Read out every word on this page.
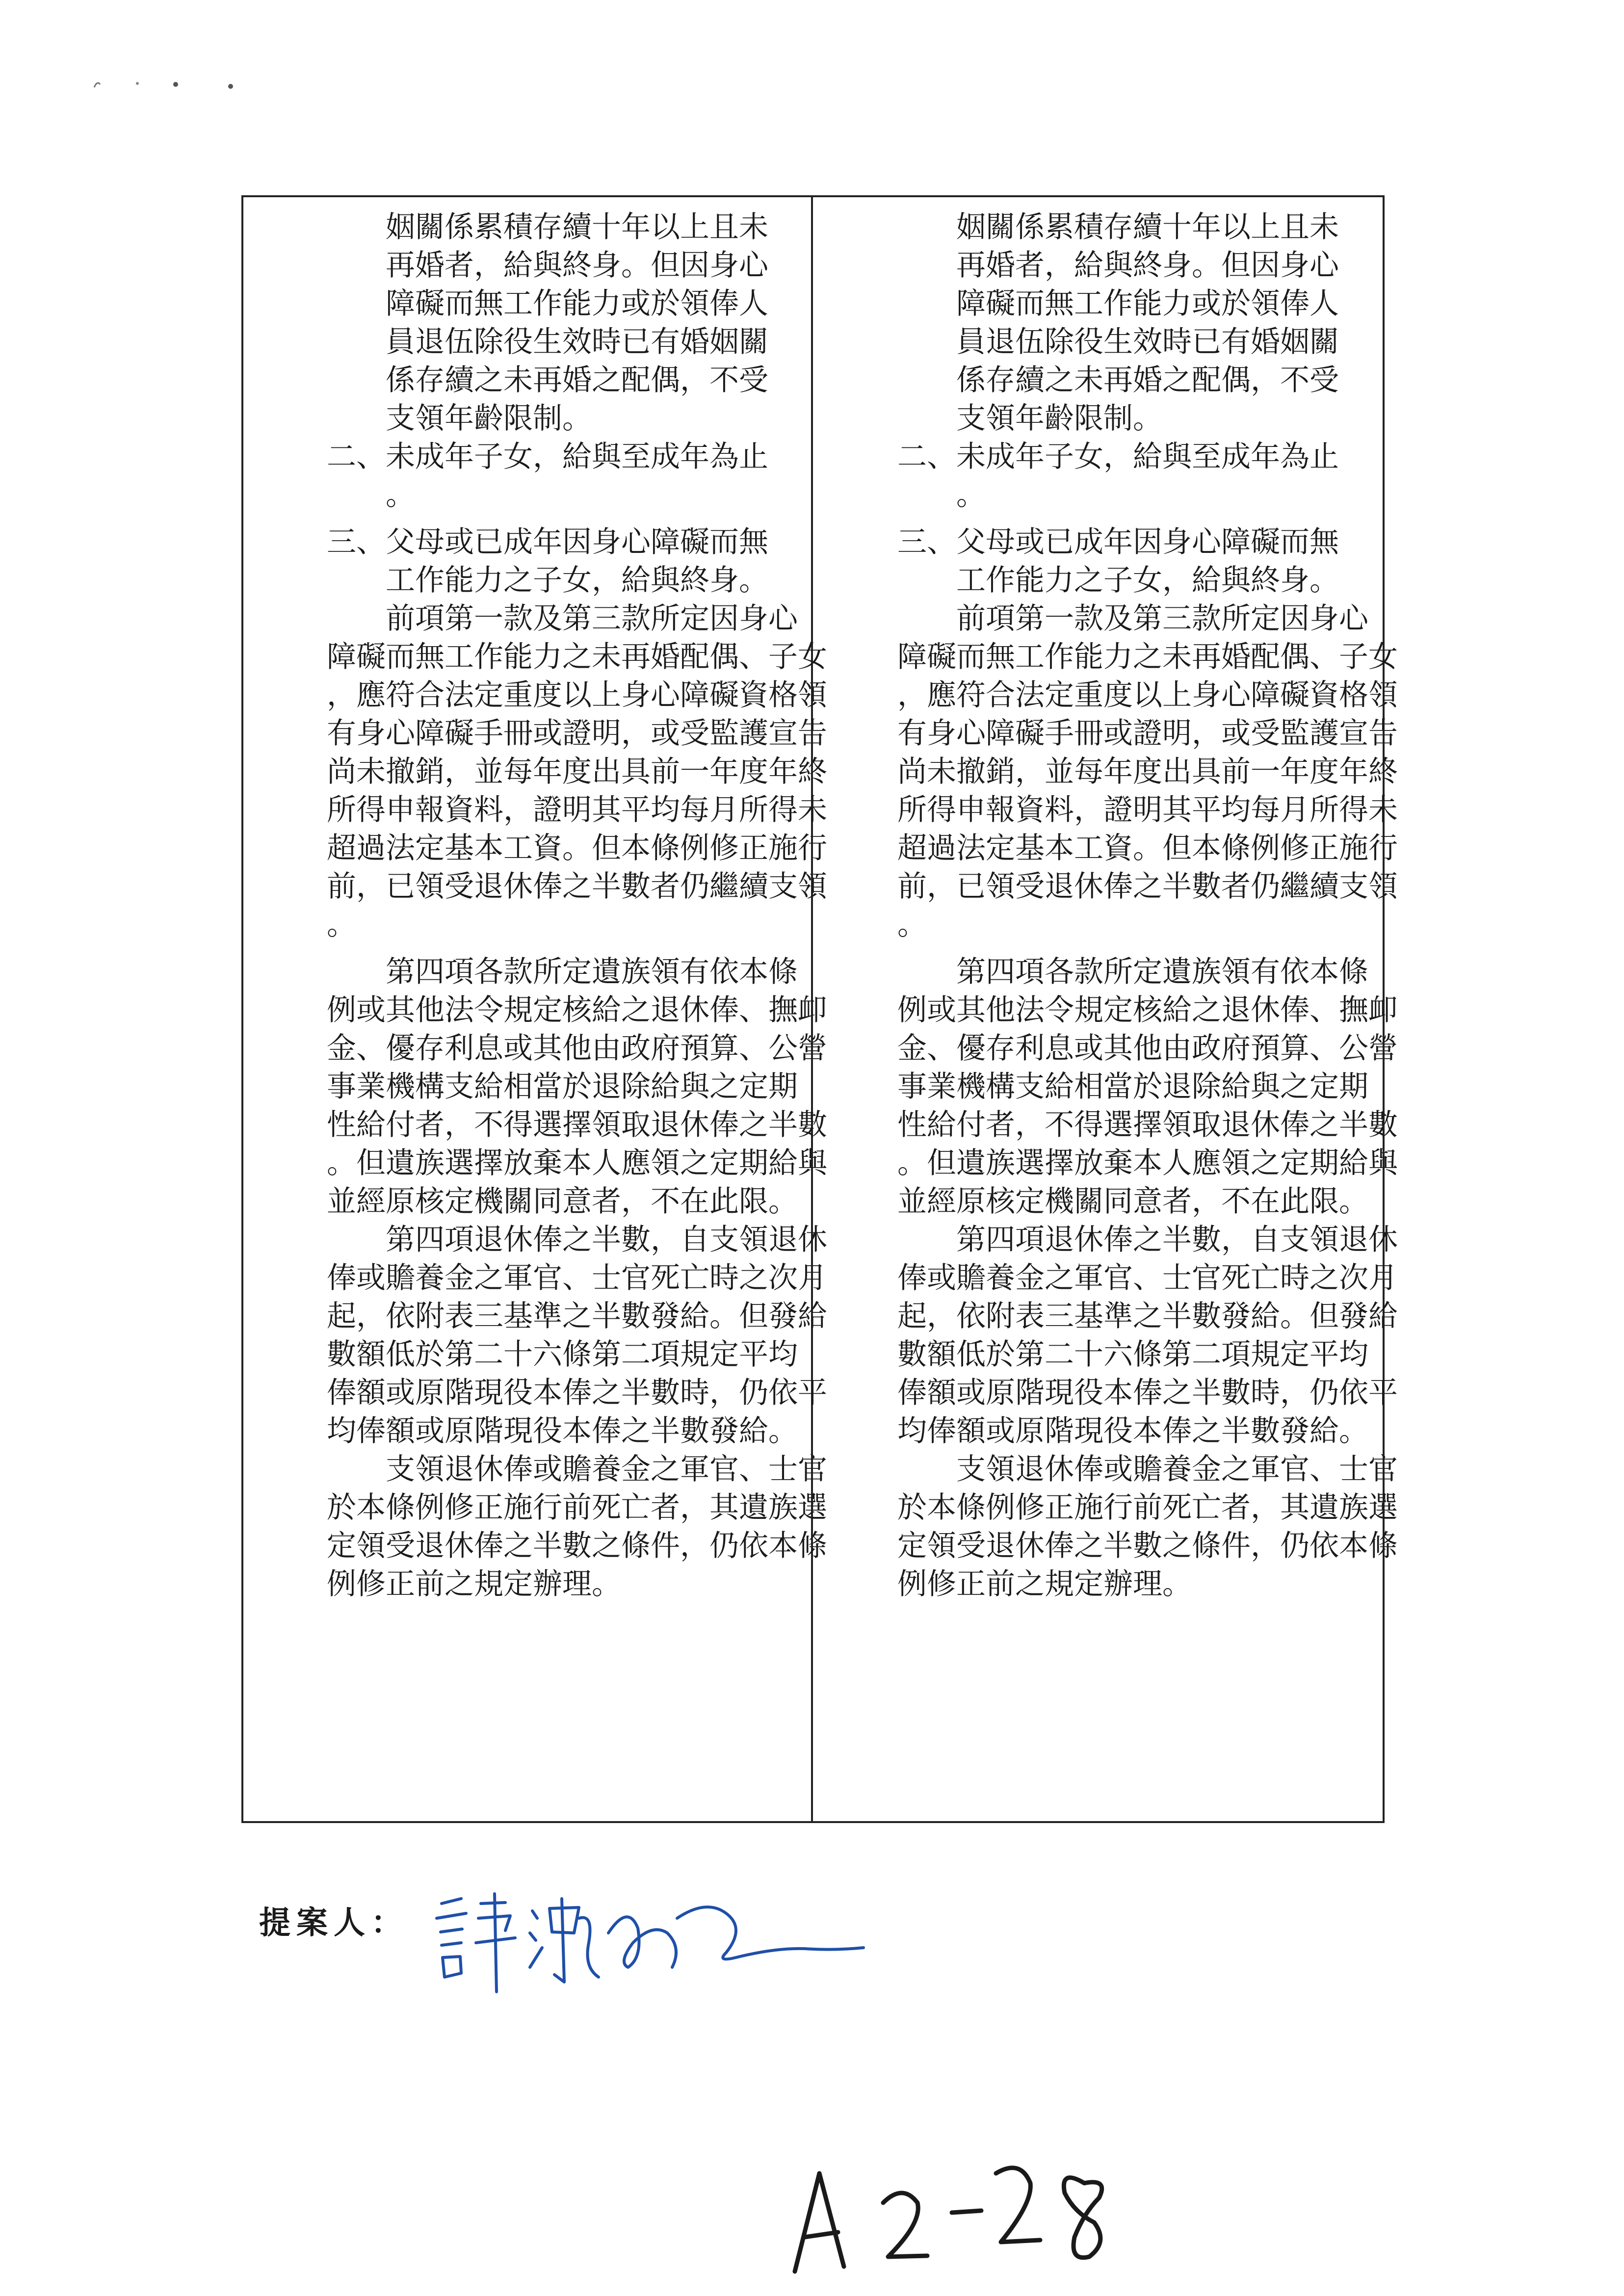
姻關係累積存續十年以上且未
再婚者，給與終身。但因身心
障礙而無工作能力或於領俸人
員退伍除役生效時已有婚姻關
係存續之未再婚之配偶，不受
支領年齡限制。
二、未成年子女，給與至成年為止
。
三、父母或已成年因身心障礙而無
工作能力之子女，給與終身。
前項第一款及第三款所定因身心
障礙而無工作能力之未再婚配偶、子女
，應符合法定重度以上身心障礙資格領
有身心障礙手冊或證明，或受監護宣告
尚未撤銷，並每年度出具前一年度年終
所得申報資料，證明其平均每月所得未
超過法定基本工資。但本條例修正施行
前，已領受退休俸之半數者仍繼續支領
。
第四項各款所定遺族領有依本條
例或其他法令規定核給之退休俸、撫卹
金、優存利息或其他由政府預算、公營
事業機構支給相當於退除給與之定期
性給付者，不得選擇領取退休俸之半數
。但遺族選擇放棄本人應領之定期給與
並經原核定機關同意者，不在此限。
第四項退休俸之半數，自支領退休
俸或贍養金之軍官、士官死亡時之次月
起，依附表三基準之半數發給。但發給
數額低於第二十六條第二項規定平均
俸額或原階現役本俸之半數時，仍依平
均俸額或原階現役本俸之半數發給。
支領退休俸或贍養金之軍官、士官
於本條例修正施行前死亡者，其遺族選
定領受退休俸之半數之條件，仍依本條
例修正前之規定辦理。
姻關係累積存續十年以上且未
再婚者，給與終身。但因身心
障礙而無工作能力或於領俸人
員退伍除役生效時已有婚姻關
係存續之未再婚之配偶，不受
支領年齡限制。
二、未成年子女，給與至成年為止
。
三、父母或已成年因身心障礙而無
工作能力之子女，給與終身。
前項第一款及第三款所定因身心
障礙而無工作能力之未再婚配偶、子女
，應符合法定重度以上身心障礙資格領
有身心障礙手冊或證明，或受監護宣告
尚未撤銷，並每年度出具前一年度年終
所得申報資料，證明其平均每月所得未
超過法定基本工資。但本條例修正施行
前，已領受退休俸之半數者仍繼續支領
。
第四項各款所定遺族領有依本條
例或其他法令規定核給之退休俸、撫卹
金、優存利息或其他由政府預算、公營
事業機構支給相當於退除給與之定期
性給付者，不得選擇領取退休俸之半數
。但遺族選擇放棄本人應領之定期給與
並經原核定機關同意者，不在此限。
第四項退休俸之半數，自支領退休
俸或贍養金之軍官、士官死亡時之次月
起，依附表三基準之半數發給。但發給
數額低於第二十六條第二項規定平均
俸額或原階現役本俸之半數時，仍依平
均俸額或原階現役本俸之半數發給。
支領退休俸或贍養金之軍官、士官
於本條例修正施行前死亡者，其遺族選
定領受退休俸之半數之條件，仍依本條
例修正前之規定辦理。
提案人：
